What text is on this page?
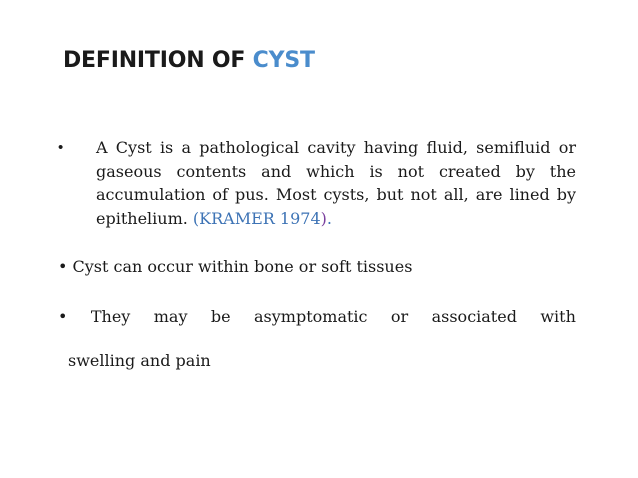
DEFINITION OF CYST
• A Cyst is a pathological cavity having fluid, semifluid or gaseous contents and which is not created by the accumulation of pus. Most cysts, but not all, are lined by epithelium. (KRAMER 1974).
• Cyst can occur within bone or soft tissues
• They may be asymptomatic or associated with
swelling and pain
